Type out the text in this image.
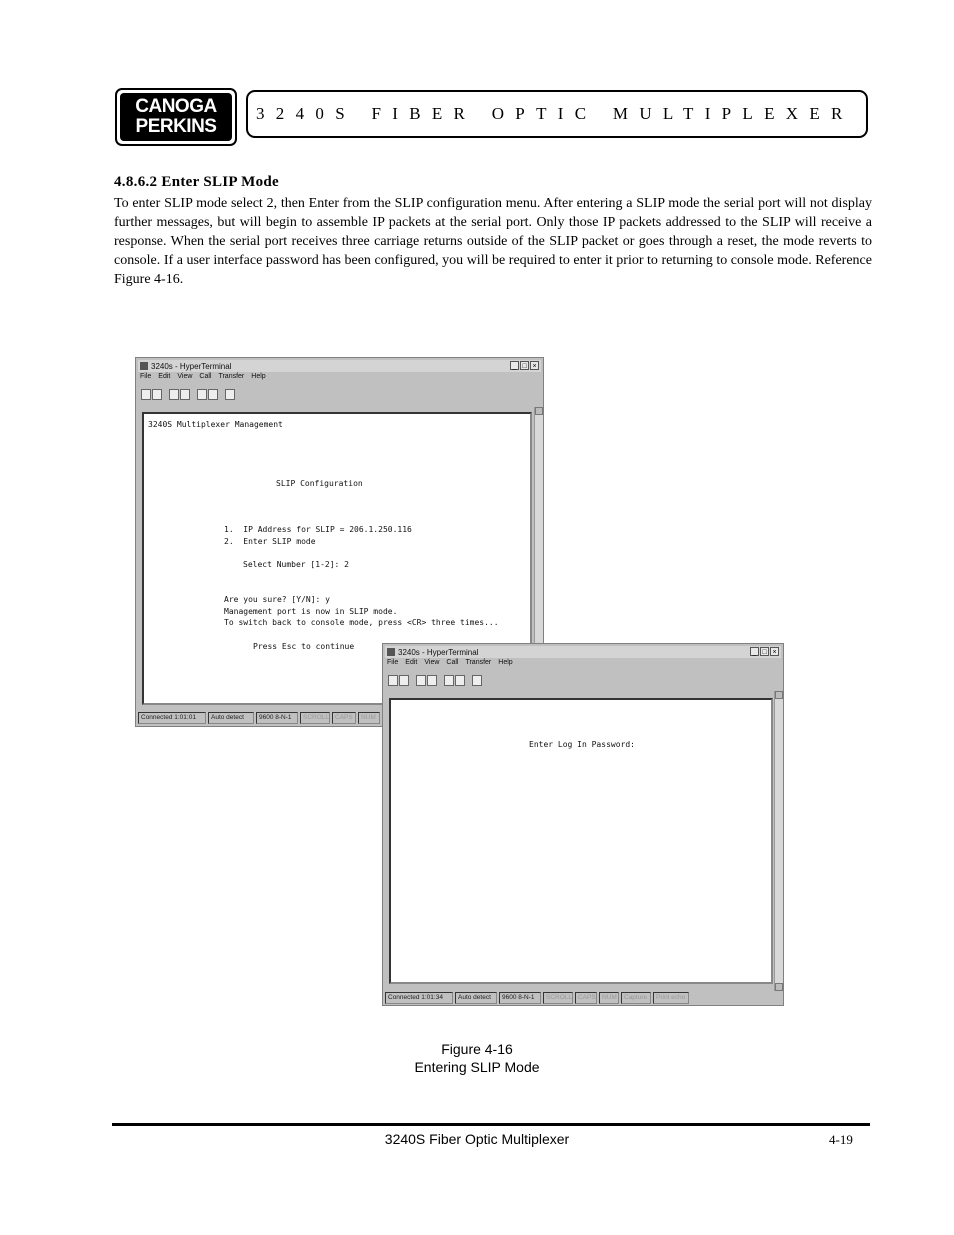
CANOGA
PERKINS
3240S FIBER OPTIC MULTIPLEXER
4.8.6.2 Enter SLIP Mode
To enter SLIP mode select 2, then Enter from the SLIP configuration menu. After entering a SLIP mode the serial port will not display further messages, but will begin to assemble IP packets at the serial port. Only those IP packets addressed to the SLIP will receive a response. When the serial port receives three carriage returns outside of the SLIP packet or goes through a reset, the mode reverts to console. If a user interface password has been configured, you will be required to enter it prior to returning to console mode. Reference Figure 4-16.
3240s - HyperTerminal	_ □ ×
File Edit View Call Transfer Help
3240S Multiplexer Management
SLIP Configuration
1.  IP Address for SLIP = 206.1.250.116
2.  Enter SLIP mode
Select Number [1-2]: 2
Are you sure? [Y/N]: y
Management port is now in SLIP mode.
To switch back to console mode, press <CR> three times...
Press Esc to continue
Connected 1:01:01	Auto detect	9600 8-N-1	SCROLL CAPS	NUM
3240s - HyperTerminal	_ □ ×
File Edit View Call Transfer Help
Enter Log In Password:
Connected 1:01:34	Auto detect	9600 8-N-1	SCROLL CAPS NUM	Capture	Print echo
Figure 4-16
Entering SLIP Mode
3240S Fiber Optic Multiplexer	4-19
